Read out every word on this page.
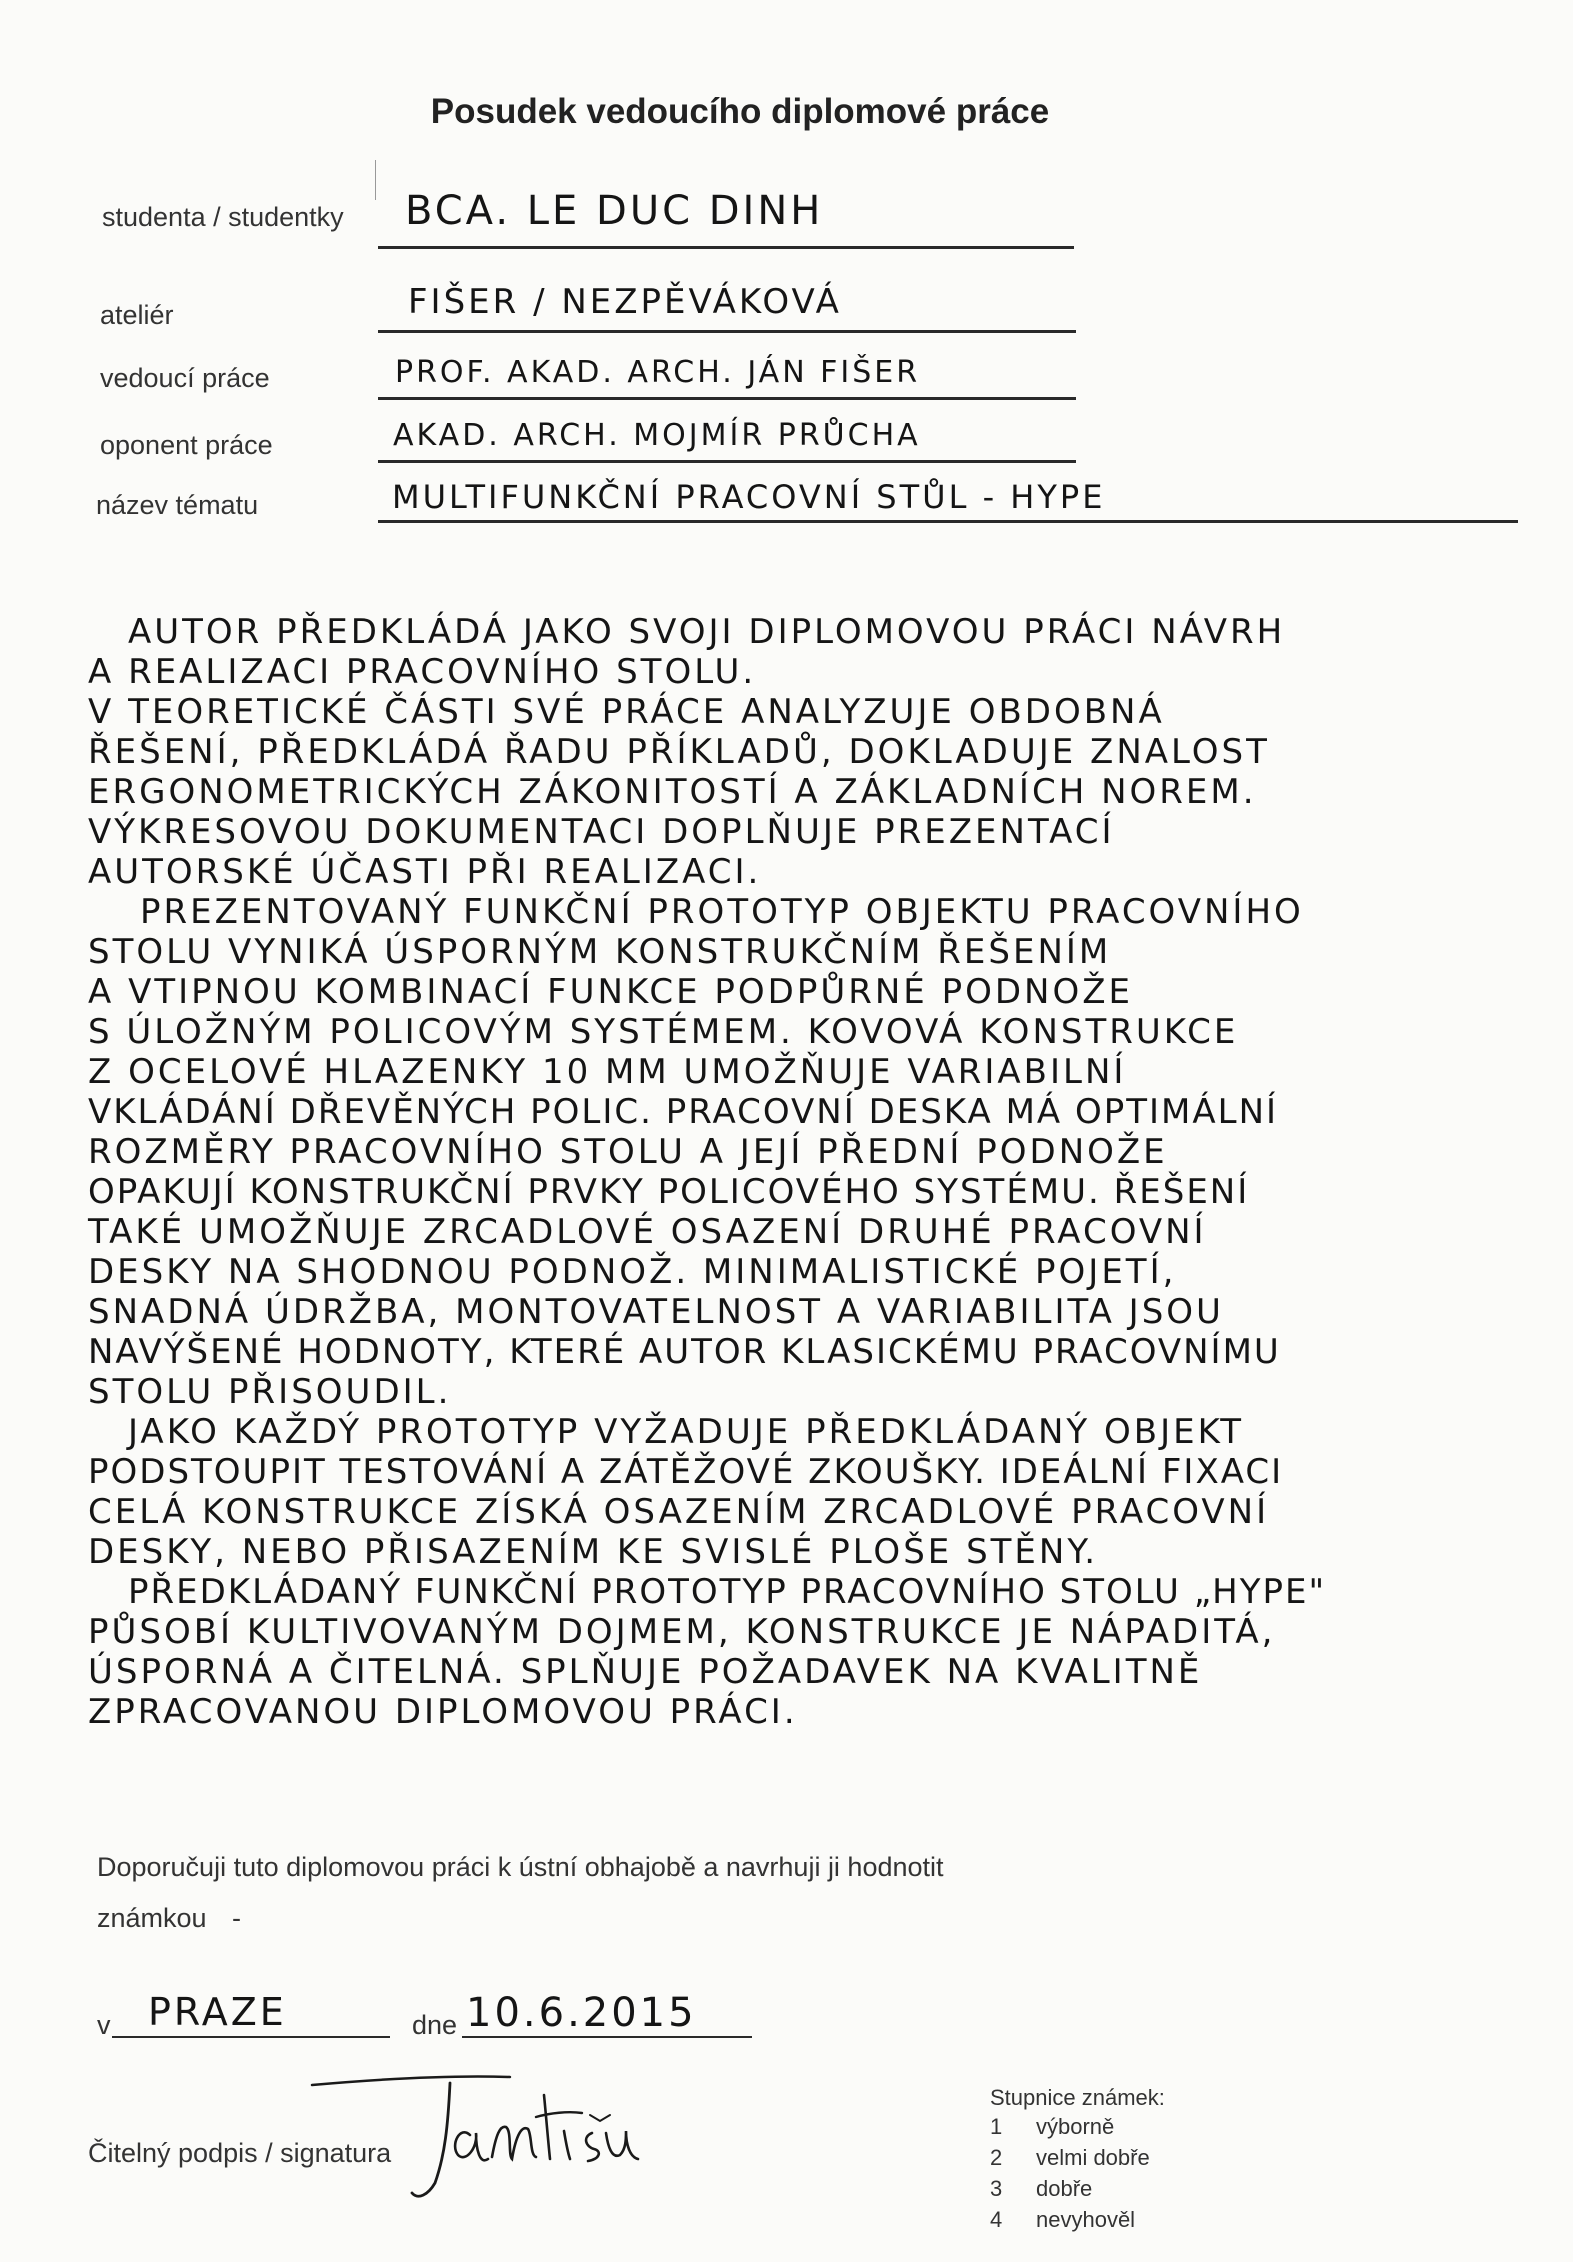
Posudek vedoucího diplomové práce
studenta / studentky BCA. LE DUC DINH
ateliér	FIŠER / NEZPĚVÁKOVÁ
vedoucí práce	PROF. AKAD. ARCH. JÁN FIŠER
oponent práce	AKAD. ARCH. MOJMÍR PRŮCHA
název tématu	MULTIFUNKČNÍ PRACOVNÍ STŮL - HYPE
AUTOR PŘEDKLÁDÁ JAKO SVOJI DIPLOMOVOU PRÁCI NÁVRH
A REALIZACI PRACOVNÍHO STOLU.
V TEORETICKÉ ČÁSTI SVÉ PRÁCE ANALYZUJE OBDOBNÁ
ŘEŠENÍ, PŘEDKLÁDÁ ŘADU PŘÍKLADŮ, DOKLADUJE ZNALOST
ERGONOMETRICKÝCH ZÁKONITOSTÍ A ZÁKLADNÍCH NOREM.
VÝKRESOVOU DOKUMENTACI DOPLŇUJE PREZENTACÍ
AUTORSKÉ ÚČASTI PŘI REALIZACI.
PREZENTOVANÝ FUNKČNÍ PROTOTYP OBJEKTU PRACOVNÍHO
STOLU VYNIKÁ ÚSPORNÝM KONSTRUKČNÍM ŘEŠENÍM
A VTIPNOU KOMBINACÍ FUNKCE PODPŮRNÉ PODNOŽE
S ÚLOŽNÝM POLICOVÝM SYSTÉMEM. KOVOVÁ KONSTRUKCE
Z OCELOVÉ HLAZENKY 10 MM UMOŽŇUJE VARIABILNÍ
VKLÁDÁNÍ DŘEVĚNÝCH POLIC. PRACOVNÍ DESKA MÁ OPTIMÁLNÍ
ROZMĚRY PRACOVNÍHO STOLU A JEJÍ PŘEDNÍ PODNOŽE
OPAKUJÍ KONSTRUKČNÍ PRVKY POLICOVÉHO SYSTÉMU. ŘEŠENÍ
TAKÉ UMOŽŇUJE ZRCADLOVÉ OSAZENÍ DRUHÉ PRACOVNÍ
DESKY NA SHODNOU PODNOŽ. MINIMALISTICKÉ POJETÍ,
SNADNÁ ÚDRŽBA, MONTOVATELNOST A VARIABILITA JSOU
NAVÝŠENÉ HODNOTY, KTERÉ AUTOR KLASICKÉMU PRACOVNÍMU
STOLU PŘISOUDIL.
JAKO KAŽDÝ PROTOTYP VYŽADUJE PŘEDKLÁDANÝ OBJEKT
PODSTOUPIT TESTOVÁNÍ A ZÁTĚŽOVÉ ZKOUŠKY. IDEÁLNÍ FIXACI
CELÁ KONSTRUKCE ZÍSKÁ OSAZENÍM ZRCADLOVÉ PRACOVNÍ
DESKY, NEBO PŘISAZENÍM KE SVISLÉ PLOŠE STĚNY.
PŘEDKLÁDANÝ FUNKČNÍ PROTOTYP PRACOVNÍHO STOLU „HYPE"
PŮSOBÍ KULTIVOVANÝM DOJMEM, KONSTRUKCE JE NÁPADITÁ,
ÚSPORNÁ A ČITELNÁ. SPLŇUJE POŽADAVEK NA KVALITNĚ
ZPRACOVANOU DIPLOMOVOU PRÁCI.
Doporučuji tuto diplomovou práci k ústní obhajobě a navrhuji ji hodnotit
známkou -
v PRAZE	dne 10.6.2015
Čitelný podpis / signatura
Stupnice známek:
1 výborně
2 velmi dobře
3 dobře
4 nevyhověl
